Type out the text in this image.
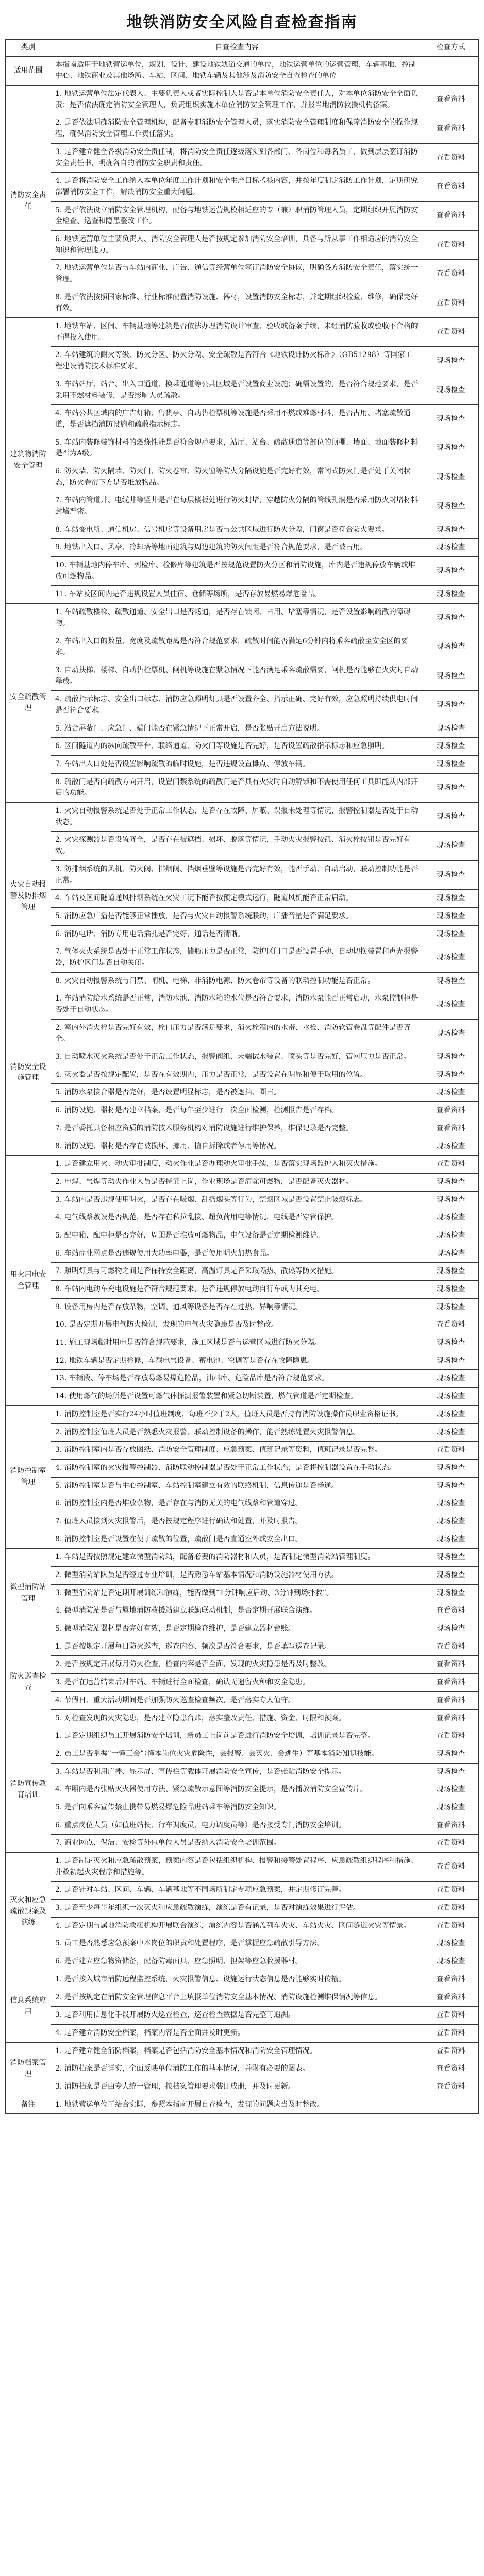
地铁消防安全风险自查检查指南
类别	自查检查内容	检查方式
适用范围	本指南适用于地铁营运单位，规划、设计、建设地铁轨道交通的单位，地铁运营单位的运营管理、车辆基地、控制中心、地铁商业及其他场所、车站、区间、地铁车辆及其他涉及消防安全自查检查的单位	
消防安全责任	1. 地铁运营单位法定代表人、主要负责人或者实际控制人是否是本单位消防安全责任人，对本单位消防安全全面负责；是否依法确定消防安全管理人，负责组织实施本单位消防安全管理工作，并报当地消防救援机构备案。	查看资料
	2. 是否依法明确消防安全管理机构，配备专职消防安全管理人员，落实消防安全管理制度和保障消防安全的操作规程，确保消防安全管理工作责任落实。	查看资料
	3. 是否建立健全各级消防安全责任制，将消防安全责任逐级落实到各部门、各岗位和每名员工，做到层层签订消防安全责任书，明确各自的消防安全职责和责任。	查看资料
	4. 是否将消防安全工作纳入本单位年度工作计划和安全生产目标考核内容，并按年度制定消防工作计划，定期研究部署消防安全工作，解决消防安全重大问题。	查看资料
	5. 是否依法设立消防安全管理机构，配备与地铁运营规模相适应的专（兼）职消防管理人员，定期组织开展消防安全检查、巡查和隐患整改工作。	查看资料
	6. 地铁运营单位主要负责人、消防安全管理人是否按规定参加消防安全培训，具备与所从事工作相适应的消防安全知识和管理能力。	查看资料
	7. 地铁运营单位是否与车站内商业、广告、通信等经营单位签订消防安全协议，明确各方消防安全责任，落实统一管理。	查看资料
	8. 是否依法按照国家标准、行业标准配置消防设施、器材，设置消防安全标志，并定期组织检验、维修，确保完好有效。	查看资料
建筑物消防安全管理	1. 地铁车站、区间、车辆基地等建筑是否依法办理消防设计审查、验收或备案手续，未经消防验收或验收不合格的不得投入使用。	查看资料
	2. 车站建筑的耐火等级、防火分区、防火分隔、安全疏散是否符合《地铁设计防火标准》（GB51298）等国家工程建设消防技术标准要求。	现场检查
	3. 车站站厅、站台、出入口通道、换乘通道等公共区域是否设置商业设施；确需设置的，是否符合规范要求，是否采用不燃材料装修，是否影响人员疏散。	现场检查
	4. 车站公共区域内的广告灯箱、售货亭、自动售检票机等设施是否采用不燃或难燃材料，是否占用、堵塞疏散通道，是否遮挡消防设施和疏散指示标志。	现场检查
	5. 车站内装修装饰材料的燃烧性能是否符合规范要求，站厅、站台、疏散通道等部位的顶棚、墙面、地面装修材料是否为A级。	现场检查
	6. 防火墙、防火隔墙、防火门、防火卷帘、防火窗等防火分隔设施是否完好有效，常闭式防火门是否处于关闭状态，防火卷帘下方是否堆放物品。	现场检查
	7. 车站内管道井、电缆井等竖井是否在每层楼板处进行防火封堵，穿越防火分隔的管线孔洞是否采用防火封堵材料封堵严密。	现场检查
	8. 车站变电所、通信机房、信号机房等设备用房是否与公共区域进行防火分隔，门窗是否符合防火要求。	现场检查
	9. 地铁出入口、风亭、冷却塔等地面建筑与周边建筑的防火间距是否符合规范要求，是否被占用。	现场检查
	10. 车辆基地内停车库、列检库、检修库等建筑是否按规范设置防火分区和消防设施，库内是否违规停放车辆或堆放可燃物品。	现场检查
	11. 车站及区间内是否违规设置人员住宿、仓储等场所，是否存放易燃易爆危险品。	现场检查
安全疏散管理	1. 车站疏散楼梯、疏散通道、安全出口是否畅通，是否存在锁闭、占用、堵塞等情况，是否设置影响疏散的障碍物。	现场检查
	2. 车站出入口的数量、宽度及疏散距离是否符合规范要求，疏散时间能否满足6分钟内将乘客疏散至安全区的要求。	现场检查
	3. 自动扶梯、楼梯、自动售检票机、闸机等设施在紧急情况下能否满足乘客疏散需要，闸机是否能够在火灾时自动释放。	现场检查
	4. 疏散指示标志、安全出口标志、消防应急照明灯具是否设置齐全、指示正确、完好有效，应急照明持续供电时间是否符合要求。	现场检查
	5. 站台屏蔽门、应急门、端门能否在紧急情况下正常开启，是否张贴开启方法说明。	现场检查
	6. 区间隧道内的纵向疏散平台、联络通道、防火门等设施是否完好，是否设置疏散指示标志和应急照明。	现场检查
	7. 车站出入口处是否设置影响疏散的临时设施，是否违规设置摊点、停放车辆。	现场检查
	8. 疏散门是否向疏散方向开启，设置门禁系统的疏散门是否具有火灾时自动解锁和不需使用任何工具即能从内部开启的功能。	现场检查
火灾自动报警及防排烟管理	1. 火灾自动报警系统是否处于正常工作状态，是否存在故障、屏蔽、误报未处理等情况，报警控制器是否处于自动状态。	现场检查
	2. 火灾探测器是否设置齐全，是否存在被遮挡、损坏、脱落等情况，手动火灾报警按钮、消火栓按钮是否完好有效。	现场检查
	3. 防排烟系统的风机、防火阀、排烟阀、挡烟垂壁等设施是否完好有效，能否手动、自动启动，联动控制功能是否正常。	现场检查
	4. 车站及区间隧道通风排烟系统在火灾工况下能否按预定模式运行，隧道风机能否正常启动。	现场检查
	5. 消防应急广播是否能够正常播放，是否与火灾自动报警系统联动，广播音量是否满足要求。	现场检查
	6. 消防电话、消防专用电话插孔是否完好，通话是否清晰。	现场检查
	7. 气体灭火系统是否处于正常工作状态，储瓶压力是否正常，防护区门口是否设置手动、自动切换装置和声光报警器，防护区门是否自动关闭。	现场检查
	8. 火灾自动报警系统与门禁、闸机、电梯、非消防电源、防火卷帘等设备的联动控制功能是否正常。	现场检查
消防安全设施管理	1. 车站消防给水系统是否正常，消防水池、消防水箱的水位是否符合要求，消防水泵能否正常启动，水泵控制柜是否处于自动状态。	现场检查
	2. 室内外消火栓是否完好有效，栓口压力是否满足要求，消火栓箱内的水带、水枪、消防软管卷盘等配件是否齐全。	现场检查
	3. 自动喷水灭火系统是否处于正常工作状态，报警阀组、末端试水装置、喷头等是否完好，管网压力是否正常。	现场检查
	4. 灭火器是否按规定配置，是否在有效期内，压力是否正常，是否设置在明显和便于取用的位置。	现场检查
	5. 消防水泵接合器是否完好，是否设置明显标志，是否被遮挡、圈占。	现场检查
	6. 消防设施、器材是否建立档案，是否每年至少进行一次全面检测，检测报告是否存档。	查看资料
	7. 是否委托具备相应资质的消防技术服务机构对消防设施进行维护保养，维保记录是否完整。	查看资料
	8. 消防设施、器材是否存在被损坏、挪用、擅自拆除或者停用等情况。	现场检查
用火用电安全管理	1. 是否建立用火、动火审批制度，动火作业是否办理动火审批手续，是否落实现场监护人和灭火措施。	查看资料
	2. 电焊、气焊等动火作业人员是否持证上岗，作业现场是否清除可燃物，是否配备灭火器材。	现场检查
	3. 车站内是否违规使用明火，是否存在吸烟、乱扔烟头等行为，禁烟区域是否设置禁止吸烟标志。	现场检查
	4. 电气线路敷设是否规范，是否存在私拉乱接、超负荷用电等情况，电线是否穿管保护。	现场检查
	5. 配电箱、配电柜是否完好，周围是否堆放可燃物品，电气设备是否定期检测维护。	现场检查
	6. 车站商业网点是否违规使用大功率电器，是否使用明火加热食品。	现场检查
	7. 照明灯具与可燃物之间是否保持安全距离，高温灯具是否采取隔热、散热等防火措施。	现场检查
	8. 车站内电动车充电设施是否符合规范要求，是否违规停放电动自行车或为其充电。	现场检查
	9. 设备用房内是否存放杂物，空调、通风等设备是否存在过热、异响等情况。	现场检查
	10. 是否定期开展电气防火检测，发现的电气火灾隐患是否及时整改。	查看资料
	11. 施工现场临时用电是否符合规范要求，施工区域是否与运营区域进行防火分隔。	现场检查
	12. 地铁车辆是否定期检修，车载电气设备、蓄电池、空调等是否存在故障隐患。	现场检查
	13. 车辆段、停车场是否存放易燃易爆危险品，油料库、危险品库是否符合规范要求。	现场检查
	14. 使用燃气的场所是否设置可燃气体探测报警装置和紧急切断装置，燃气管道是否定期检查。	现场检查
消防控制室管理	1. 消防控制室是否实行24小时值班制度，每班不少于2人，值班人员是否持有消防设施操作员职业资格证书。	现场检查
	2. 消防控制室值班人员是否熟悉火灾报警、联动控制设备的操作，能否熟练处置火灾报警信息。	现场检查
	3. 消防控制室内是否存放图纸、消防安全管理制度、应急预案、值班记录等资料，值班记录是否完整。	查看资料
	4. 消防控制室的火灾报警控制器、消防联动控制器是否处于正常工作状态，是否将控制器设置在手动状态。	现场检查
	5. 消防控制室是否与中心控制室、车站控制室建立有效的联络机制，信息传递是否畅通。	现场检查
	6. 消防控制室内是否堆放杂物，是否存在与消防无关的电气线路和管道穿过。	现场检查
	7. 值班人员接到火灾报警后，是否按规定程序进行确认和处置，并及时报告。	现场检查
	8. 消防控制室是否设置在便于疏散的位置，疏散门是否直通室外或安全出口。	现场检查
微型消防站管理	1. 车站是否按照规定建立微型消防站，配备必要的消防器材和人员，是否制定微型消防站管理制度。	现场检查
	2. 微型消防站队员是否经过专业培训，是否熟悉车站基本情况和消防设施器材使用方法。	现场检查
	3. 微型消防站是否定期开展训练和演练，能否做到“1分钟响应启动、3分钟到场扑救”。	现场检查
	4. 微型消防站是否与属地消防救援站建立联勤联动机制，是否定期开展联合演练。	查看资料
	5. 微型消防站器材是否完好有效，是否定期检查维护，是否建立器材台账。	现场检查
防火巡查检查	1. 是否按规定开展每日防火巡查，巡查内容、频次是否符合要求，是否填写巡查记录。	查看资料
	2. 是否按规定开展每月防火检查，检查内容是否全面，发现的火灾隐患是否及时整改。	查看资料
	3. 是否在运营结束后对车站、车辆进行全面检查，确认无遗留火种和安全隐患。	查看资料
	4. 节假日、重大活动期间是否加强防火巡查检查频次，是否落实专人值守。	查看资料
	5. 对检查发现的火灾隐患，是否建立隐患台账，落实整改责任、措施、资金、时限和预案。	查看资料
消防宣传教育培训	1. 是否定期组织员工开展消防安全培训，新员工上岗前是否进行消防安全培训，培训记录是否完整。	查看资料
	2. 员工是否掌握“一懂三会”（懂本岗位火灾危险性，会报警、会灭火、会逃生）等基本消防知识技能。	现场检查
	3. 车站是否利用广播、显示屏、宣传栏等载体开展消防安全宣传，是否张贴消防安全提示。	现场检查
	4. 车厢内是否张贴灭火器使用方法、紧急疏散示意图等消防安全提示，是否播放消防安全宣传片。	现场检查
	5. 是否向乘客宣传禁止携带易燃易爆危险品进站乘车等消防安全知识。	现场检查
	6. 重点岗位人员（如值班站长、行车调度员、电力调度员等）是否接受专门消防安全培训。	查看资料
	7. 商业网点、保洁、安检等外包单位人员是否纳入消防安全培训范围。	查看资料
灭火和应急疏散预案及演练	1. 是否制定灭火和应急疏散预案，预案内容是否包括组织机构、报警和接警处置程序、应急疏散组织程序和措施、扑救初起火灾程序和措施等。	查看资料
	2. 是否针对车站、区间、车辆、车辆基地等不同场所制定专项应急预案，并定期修订完善。	查看资料
	3. 是否至少每半年组织一次灭火和应急疏散演练，演练是否有记录，是否对演练效果进行评估。	查看资料
	4. 是否定期与属地消防救援机构开展联合演练，演练内容是否涵盖列车火灾、车站火灾、区间隧道火灾等情景。	查看资料
	5. 员工是否熟悉应急预案中本岗位的职责和处置程序，是否掌握应急疏散引导方法。	现场检查
	6. 是否建立应急物资储备，配备防毒面具、应急照明、担架等应急救援器材。	现场检查
信息系统应用	1. 是否接入城市消防远程监控系统，火灾报警信息、设施运行状态信息是否能够实时传输。	查看资料
	2. 是否按规定在消防安全管理信息平台上填报单位消防安全基本情况、消防设施检测维保情况等信息。	查看资料
	3. 是否利用信息化手段开展防火巡查检查，巡查检查数据是否完整可追溯。	查看资料
	4. 是否建立消防安全档案，档案内容是否全面并及时更新。	查看资料
消防档案管理	1. 是否建立健全消防档案，档案是否包括消防安全基本情况和消防安全管理情况。	查看资料
	2. 消防档案是否详实，全面反映单位消防工作的基本情况，并附有必要的图表。	查看资料
	3. 消防档案是否由专人统一管理，按档案管理要求装订成册，并及时更新。	查看资料
备注	1. 地铁营运单位可结合实际，参照本指南开展自查检查，发现的问题应当及时整改。	
